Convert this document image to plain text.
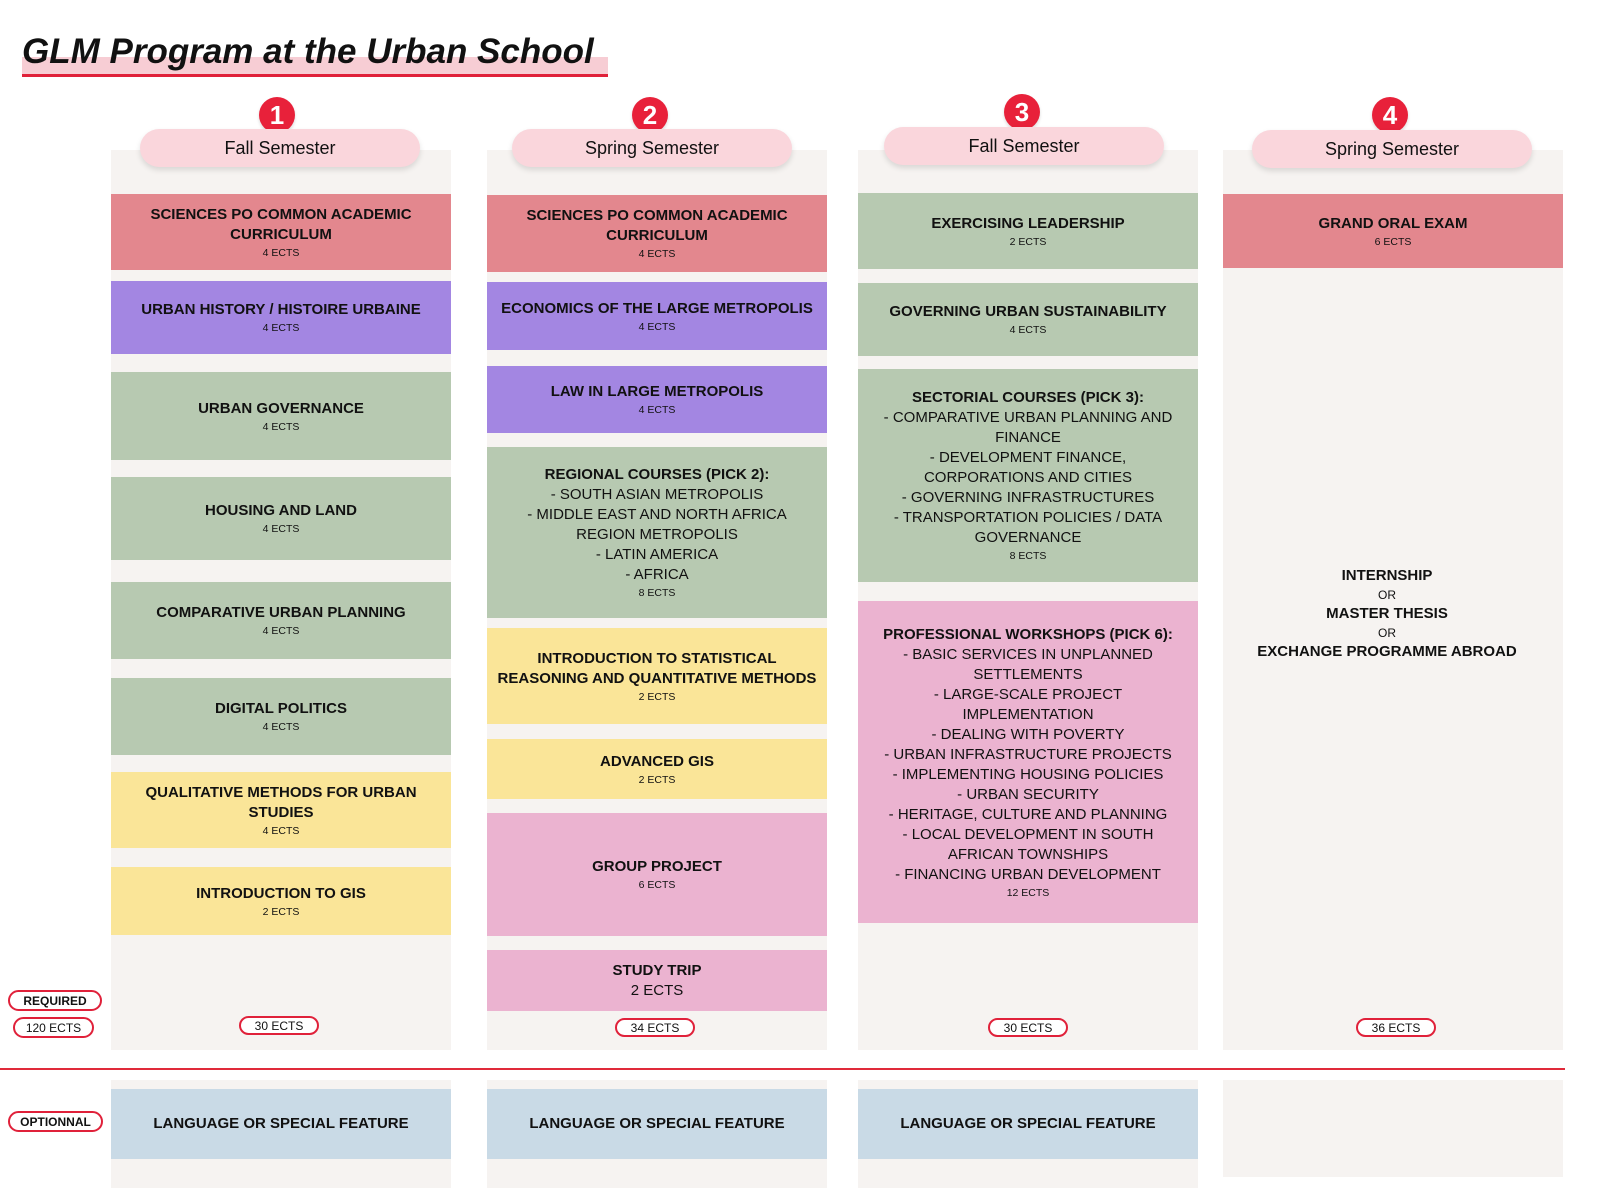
GLM Program at the Urban School
REQUIRED
120 ECTS
OPTIONNAL
1
Fall Semester
SCIENCES PO COMMON ACADEMIC CURRICULUM
4 ECTS
URBAN HISTORY / HISTOIRE URBAINE
4 ECTS
URBAN GOVERNANCE
4 ECTS
HOUSING AND LAND
4 ECTS
COMPARATIVE URBAN PLANNING
4 ECTS
DIGITAL POLITICS
4 ECTS
QUALITATIVE METHODS FOR URBAN STUDIES
4 ECTS
INTRODUCTION TO GIS
2 ECTS
30 ECTS
LANGUAGE OR SPECIAL FEATURE
2
Spring Semester
SCIENCES PO COMMON ACADEMIC CURRICULUM
4 ECTS
ECONOMICS OF THE LARGE METROPOLIS
4 ECTS
LAW IN LARGE METROPOLIS
4 ECTS
REGIONAL COURSES (PICK 2):
- SOUTH ASIAN METROPOLIS
- MIDDLE EAST AND NORTH AFRICA REGION METROPOLIS
- LATIN AMERICA
- AFRICA
8 ECTS
INTRODUCTION TO STATISTICAL REASONING AND QUANTITATIVE METHODS
2 ECTS
ADVANCED GIS
2 ECTS
GROUP PROJECT
6 ECTS
STUDY TRIP
2 ECTS
34 ECTS
LANGUAGE OR SPECIAL FEATURE
3
Fall Semester
EXERCISING LEADERSHIP
2 ECTS
GOVERNING URBAN SUSTAINABILITY
4 ECTS
SECTORIAL COURSES (PICK 3):
- COMPARATIVE URBAN PLANNING AND FINANCE
- DEVELOPMENT FINANCE, CORPORATIONS AND CITIES
- GOVERNING INFRASTRUCTURES
- TRANSPORTATION POLICIES / DATA GOVERNANCE
8 ECTS
PROFESSIONAL WORKSHOPS (PICK 6):
- BASIC SERVICES IN UNPLANNED SETTLEMENTS
- LARGE-SCALE PROJECT IMPLEMENTATION
- DEALING WITH POVERTY
- URBAN INFRASTRUCTURE PROJECTS
- IMPLEMENTING HOUSING POLICIES
- URBAN SECURITY
- HERITAGE, CULTURE AND PLANNING
- LOCAL DEVELOPMENT IN SOUTH AFRICAN TOWNSHIPS
- FINANCING URBAN DEVELOPMENT
12 ECTS
30 ECTS
LANGUAGE OR SPECIAL FEATURE
4
Spring Semester
GRAND ORAL EXAM
6 ECTS
INTERNSHIP
OR
MASTER THESIS
OR
EXCHANGE PROGRAMME ABROAD
36 ECTS
